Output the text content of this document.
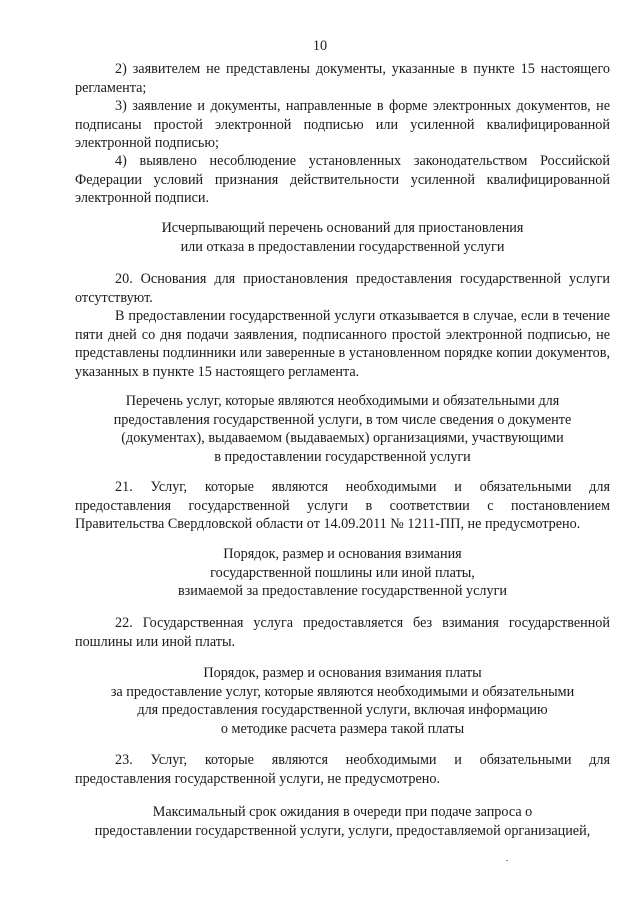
10
2) заявителем не представлены документы, указанные в пункте 15 настоящего регламента;
3) заявление и документы, направленные в форме электронных документов, не подписаны простой электронной подписью или усиленной квалифицированной электронной подписью;
4) выявлено несоблюдение установленных законодательством Российской Федерации условий признания действительности усиленной квалифицированной электронной подписи.
Исчерпывающий перечень оснований для приостановления
или отказа в предоставлении государственной услуги
20. Основания для приостановления предоставления государственной услуги отсутствуют.
В предоставлении государственной услуги отказывается в случае, если в течение пяти дней со дня подачи заявления, подписанного простой электронной подписью, не представлены подлинники или заверенные в установленном порядке копии документов, указанных в пункте 15 настоящего регламента.
Перечень услуг, которые являются необходимыми и обязательными для
предоставления государственной услуги, в том числе сведения о документе
(документах), выдаваемом (выдаваемых) организациями, участвующими
в предоставлении государственной услуги
21. Услуг, которые являются необходимыми и обязательными для предоставления государственной услуги в соответствии с постановлением Правительства Свердловской области от 14.09.2011 № 1211-ПП, не предусмотрено.
Порядок, размер и основания взимания
государственной пошлины или иной платы,
взимаемой за предоставление государственной услуги
22. Государственная услуга предоставляется без взимания государственной пошлины или иной платы.
Порядок, размер и основания взимания платы
за предоставление услуг, которые являются необходимыми и обязательными
для предоставления государственной услуги, включая информацию
о методике расчета размера такой платы
23. Услуг, которые являются необходимыми и обязательными для предоставления государственной услуги, не предусмотрено.
Максимальный срок ожидания в очереди при подаче запроса о
предоставлении государственной услуги, услуги, предоставляемой организацией,
